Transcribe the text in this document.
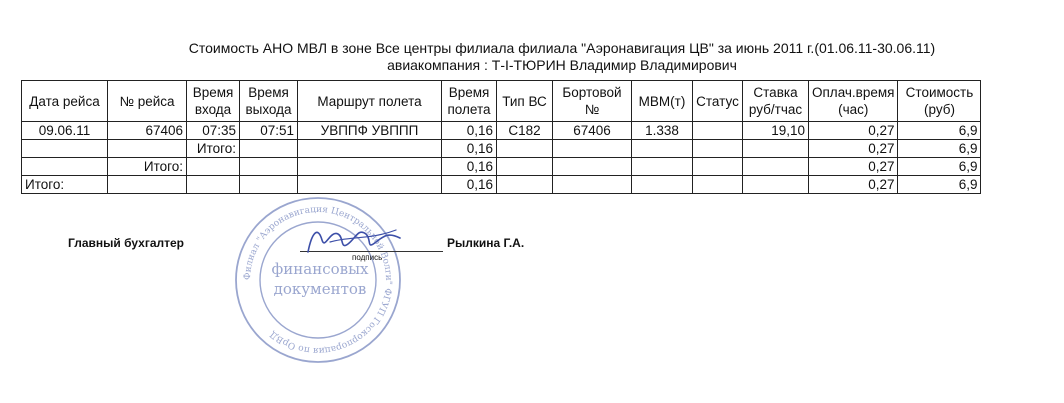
Стоимость АНО МВЛ в зоне Все центры филиала филиала "Аэронавигация ЦВ" за июнь 2011 г.(01.06.11-30.06.11)
авиакомпания : Т-І-ТЮРИН Владимир Владимирович
Дата рейса	№ рейса	Время входа	Время выхода	Маршрут полета	Время полета	Тип ВС	Бортовой №	МВМ(т)	Статус	Ставка руб/тчас	Оплач.время (час)	Стоимость (руб)
09.06.11	67406	07:35	07:51	УВППФ УВППП	0,16	С182	67406	1.338		19,10	0,27	6,9
		Итого:			0,16						0,27	6,9
	Итого:				0,16						0,27	6,9
Итого:					0,16						0,27	6,9
Филиал "Аэронавигация Центральной Волги" ФГУП Госкорпорация по ОрВД
финансовых
документов
Главный бухгалтер
подпись
Рылкина Г.А.
